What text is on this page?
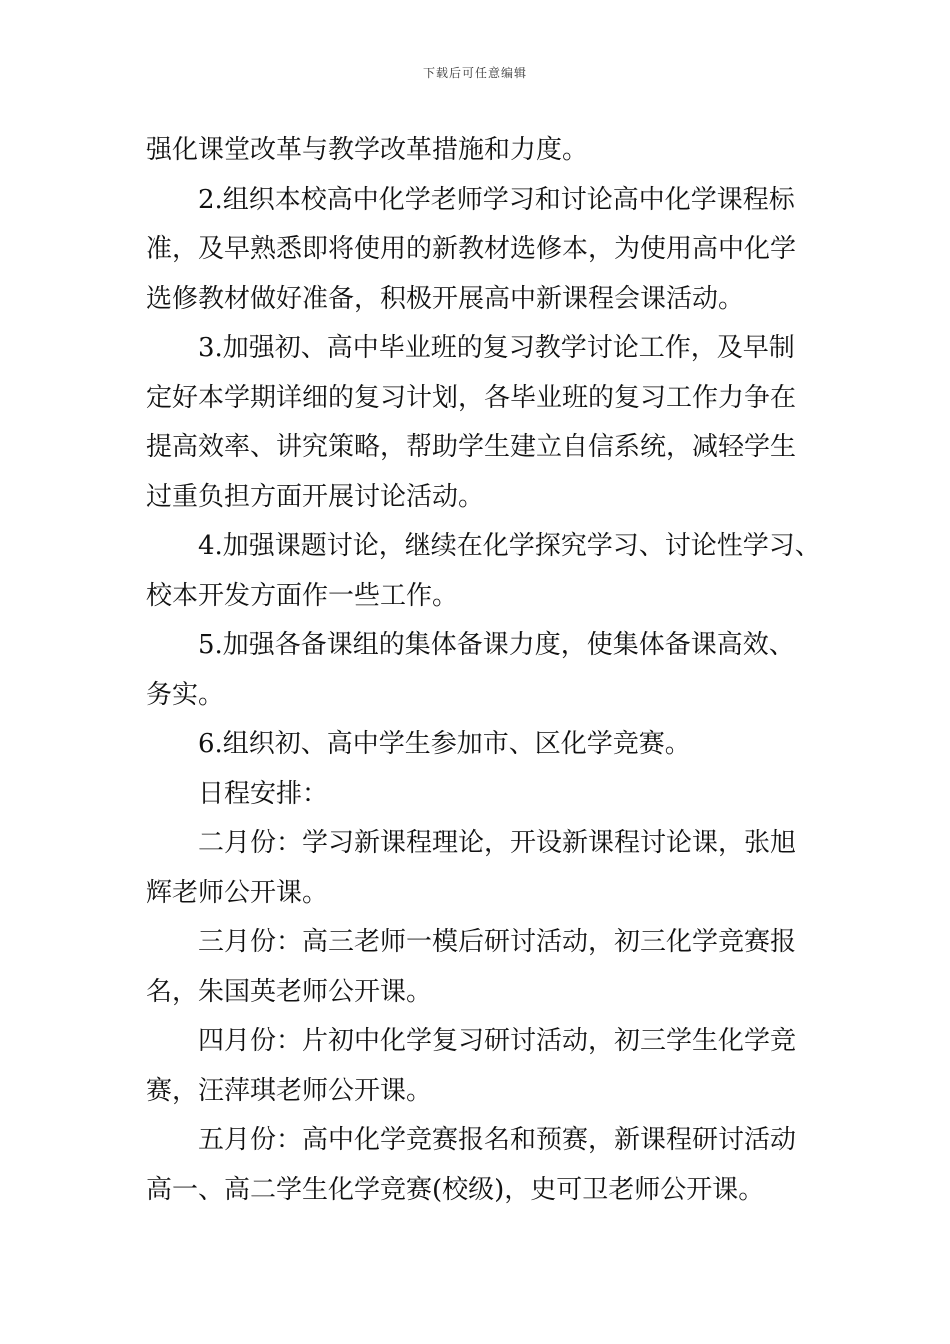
下载后可任意编辑
强化课堂改革与教学改革措施和力度。
2.组织本校高中化学老师学习和讨论高中化学课程标
准，及早熟悉即将使用的新教材选修本，为使用高中化学
选修教材做好准备，积极开展高中新课程会课活动。
3.加强初、高中毕业班的复习教学讨论工作，及早制
定好本学期详细的复习计划，各毕业班的复习工作力争在
提高效率、讲究策略，帮助学生建立自信系统，减轻学生
过重负担方面开展讨论活动。
4.加强课题讨论，继续在化学探究学习、讨论性学习、
校本开发方面作一些工作。
5.加强各备课组的集体备课力度，使集体备课高效、
务实。
6.组织初、高中学生参加市、区化学竞赛。
日程安排：
二月份：学习新课程理论，开设新课程讨论课，张旭
辉老师公开课。
三月份：高三老师一模后研讨活动，初三化学竞赛报
名，朱国英老师公开课。
四月份：片初中化学复习研讨活动，初三学生化学竞
赛，汪萍琪老师公开课。
五月份：高中化学竞赛报名和预赛，新课程研讨活动
高一、高二学生化学竞赛(校级)，史可卫老师公开课。
